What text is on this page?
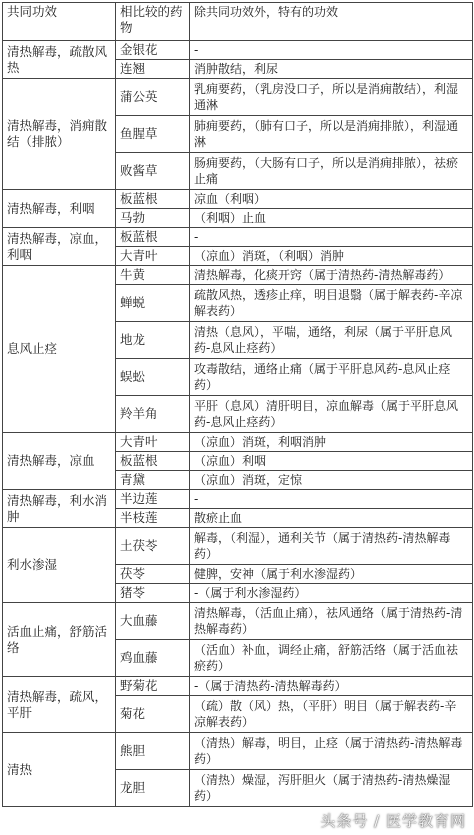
共同功效	相比较的药物	除共同功效外，特有的功效
清热解毒，疏散风热	金银花	-
	连翘	消肿散结，利尿
清热解毒，消痈散结（排脓）	蒲公英	乳痈要药，（乳房没口子，所以是消痈散结），利湿通淋
	鱼腥草	肺痈要药，（肺有口子，所以是消痈排脓），利湿通淋
	败酱草	肠痈要药，（大肠有口子，所以是消痈排脓），祛瘀止痛
清热解毒，利咽	板蓝根	凉血（利咽）
	马勃	（利咽）止血
清热解毒，凉血，利咽	板蓝根	-
	大青叶	（凉血）消斑，（利咽）消肿
息风止痉	牛黄	清热解毒，化痰开窍（属于清热药-清热解毒药）
	蝉蜕	疏散风热，透疹止痒，明目退翳（属于解表药-辛凉解表药）
	地龙	清热（息风），平喘，通络，利尿（属于平肝息风药-息风止痉药）
	蜈蚣	攻毒散结，通络止痛（属于平肝息风药-息风止痉药）
	羚羊角	平肝（息风）清肝明目，凉血解毒（属于平肝息风药-息风止痉药）
清热解毒，凉血	大青叶	（凉血）消斑，利咽消肿
	板蓝根	（凉血）利咽
	青黛	（凉血）消斑，定惊
清热解毒，利水消肿	半边莲	-
	半枝莲	散瘀止血
利水渗湿	土茯苓	解毒，（利湿），通利关节（属于清热药-清热解毒药）
	茯苓	健脾，安神（属于利水渗湿药）
	猪苓	-（属于利水渗湿药）
活血止痛，舒筋活络	大血藤	清热解毒，（活血止痛），祛风通络（属于清热药-清热解毒药）
	鸡血藤	（活血）补血，调经止痛，舒筋活络（属于活血祛瘀药）
清热解毒，疏风，平肝	野菊花	-（属于清热药-清热解毒药）
	菊花	（疏）散（风）热，（平肝）明目（属于解表药-辛凉解表药）
清热	熊胆	（清热）解毒，明目，止痉（属于清热药-清热解毒药）
	龙胆	（清热）燥湿，泻肝胆火（属于清热药-清热燥湿药）
头条号 / 医学教育网
